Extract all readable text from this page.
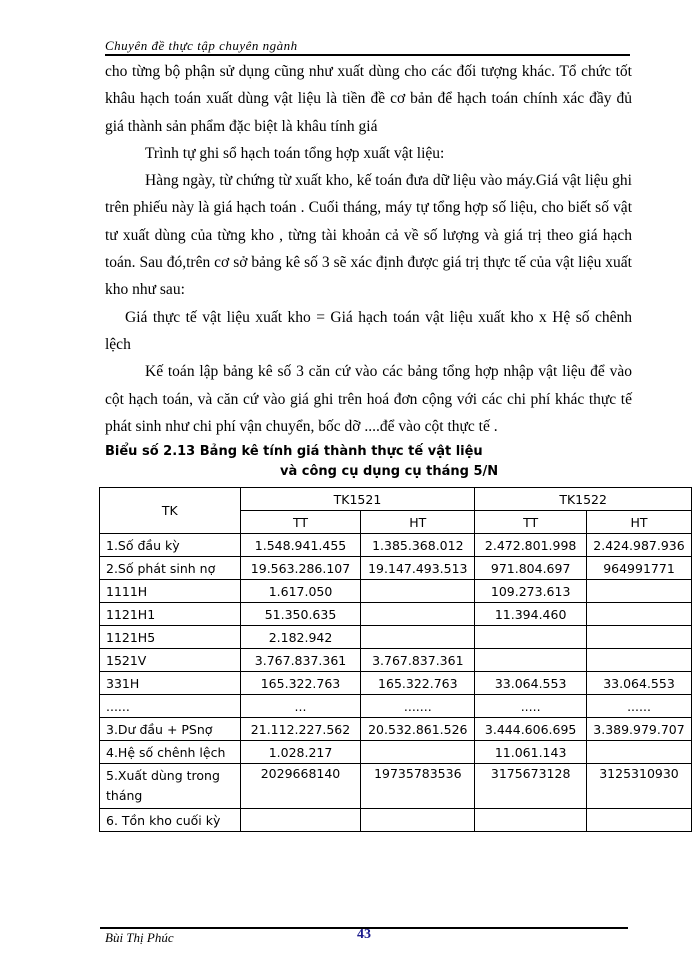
Chuyên đề thực tập chuyên ngành

cho từng bộ phận sử dụng cũng như xuất dùng cho các đối tượng khác. Tổ chức tốt khâu hạch toán xuất dùng vật liệu là tiền đề cơ bản để hạch toán chính xác đầy đủ giá thành sản phẩm đặc biệt là khâu tính giá

Trình tự ghi sổ hạch toán tổng hợp xuất vật liệu:

Hàng ngày, từ chứng từ xuất kho, kế toán đưa dữ liệu vào máy.Giá vật liệu ghi trên phiếu này là giá hạch toán . Cuối tháng, máy tự tổng hợp số liệu, cho biết số vật tư xuất dùng của từng kho , từng tài khoản cả về số lượng và giá trị theo giá hạch toán. Sau đó,trên cơ sở bảng kê số 3 sẽ xác định được giá trị thực tế của vật liệu xuất kho như sau:

Giá thực tế vật liệu xuất kho = Giá hạch toán vật liệu xuất kho x Hệ số chênh lệch

Kế toán lập bảng kê số 3 căn cứ vào các bảng tổng hợp nhập vật liệu để vào cột hạch toán, và căn cứ vào giá ghi trên hoá đơn cộng với các chi phí khác thực tế phát sinh như chi phí vận chuyển, bốc dỡ ....để vào cột thực tế .

Biểu số 2.13 Bảng kê tính giá thành thực tế vật liệu
và công cụ dụng cụ tháng 5/N
TK	TK1521		TK1522	
	TT	HT	TT	HT
1.Số đầu kỳ	1.548.941.455	1.385.368.012	2.472.801.998	2.424.987.936
2.Số phát sinh nợ	19.563.286.107	19.147.493.513	971.804.697	964991771
1111H	1.617.050		109.273.613	
1121H1	51.350.635		11.394.460	
1121H5	2.182.942			
1521V	3.767.837.361	3.767.837.361		
331H	165.322.763	165.322.763	33.064.553	33.064.553
......	...	.......	.....	......
3.Dư đầu + PSnợ	21.112.227.562	20.532.861.526	3.444.606.695	3.389.979.707
4.Hệ số chênh lệch	1.028.217		11.061.143	
5.Xuất dùng trong tháng	2029668140	19735783536	3175673128	3125310930
6. Tồn kho cuối kỳ				
Bùi Thị Phúc	43
